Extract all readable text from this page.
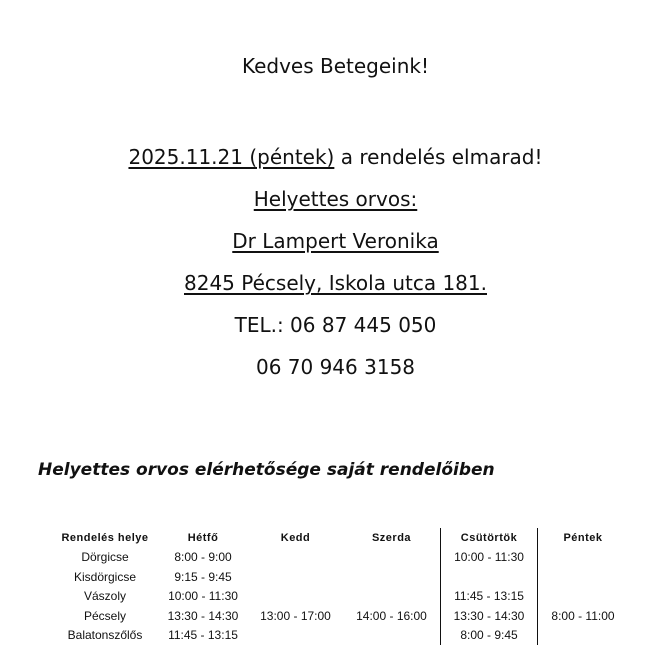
Kedves Betegeink!
2025.11.21 (péntek) a rendelés elmarad!
Helyettes orvos:
Dr Lampert Veronika
8245 Pécsely, Iskola utca 181.
TEL.: 06 87 445 050
06 70 946 3158
Helyettes orvos elérhetősége saját rendelőiben
Rendelés helye	Hétfő	Kedd	Szerda	Csütörtök	Péntek
Dörgicse	8:00 - 9:00			10:00 - 11:30	
Kisdörgicse	9:15 - 9:45				
Vászoly	10:00 - 11:30			11:45 - 13:15	
Pécsely	13:30 - 14:30	13:00 - 17:00	14:00 - 16:00	13:30 - 14:30	8:00 - 11:00
Balatonszőlős	11:45 - 13:15			8:00 - 9:45	
